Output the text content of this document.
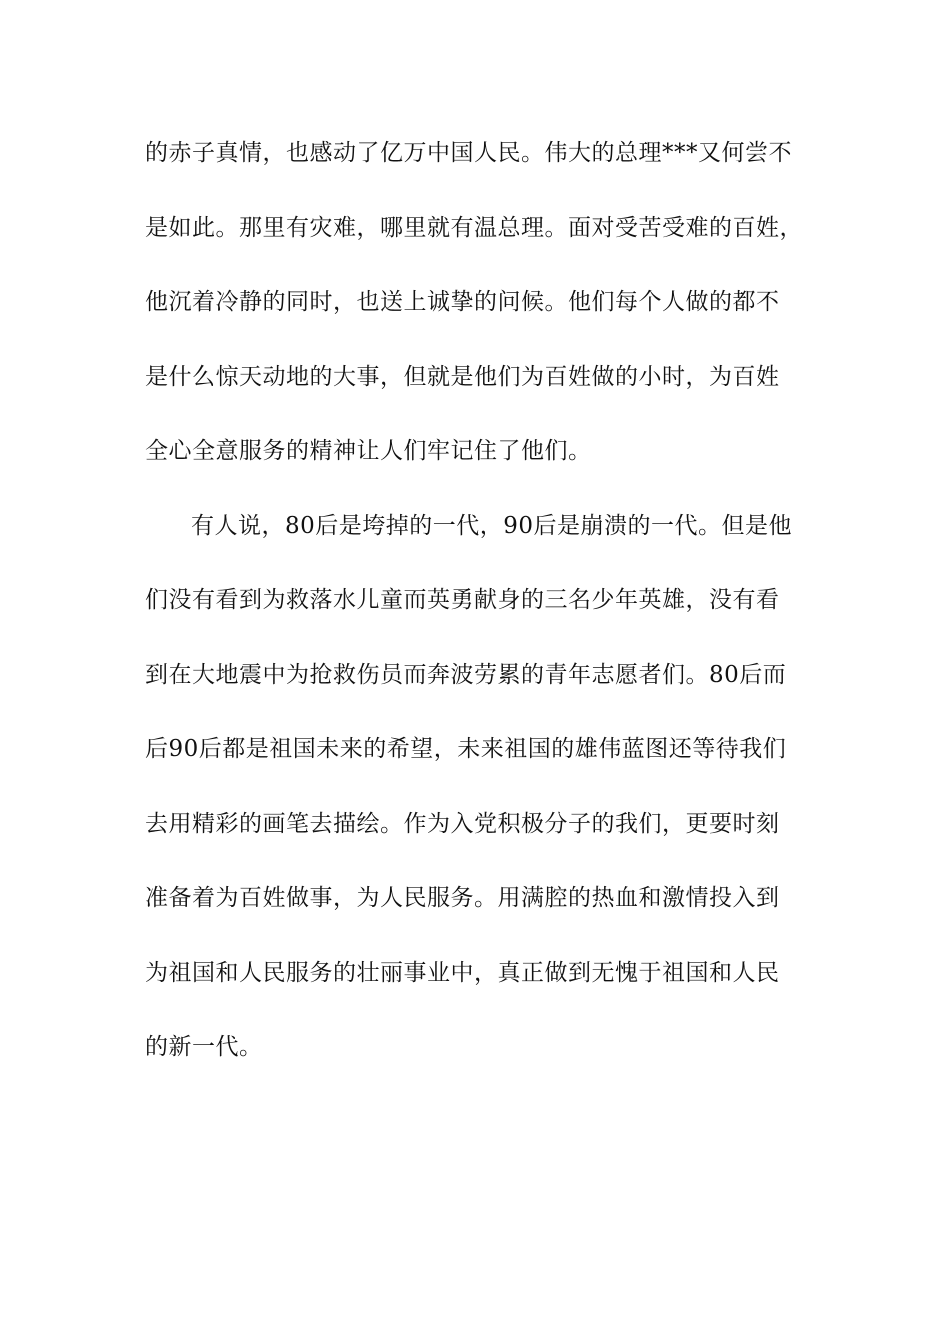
的赤子真情，也感动了亿万中国人民。伟大的总理***又何尝不
是如此。那里有灾难，哪里就有温总理。面对受苦受难的百姓，
他沉着冷静的同时，也送上诚挚的问候。他们每个人做的都不
是什么惊天动地的大事，但就是他们为百姓做的小时，为百姓
全心全意服务的精神让人们牢记住了他们。
有人说，80后是垮掉的一代，90后是崩溃的一代。但是他
们没有看到为救落水儿童而英勇献身的三名少年英雄，没有看
到在大地震中为抢救伤员而奔波劳累的青年志愿者们。80后而
后90后都是祖国未来的希望，未来祖国的雄伟蓝图还等待我们
去用精彩的画笔去描绘。作为入党积极分子的我们，更要时刻
准备着为百姓做事，为人民服务。用满腔的热血和激情投入到
为祖国和人民服务的壮丽事业中，真正做到无愧于祖国和人民
的新一代。
